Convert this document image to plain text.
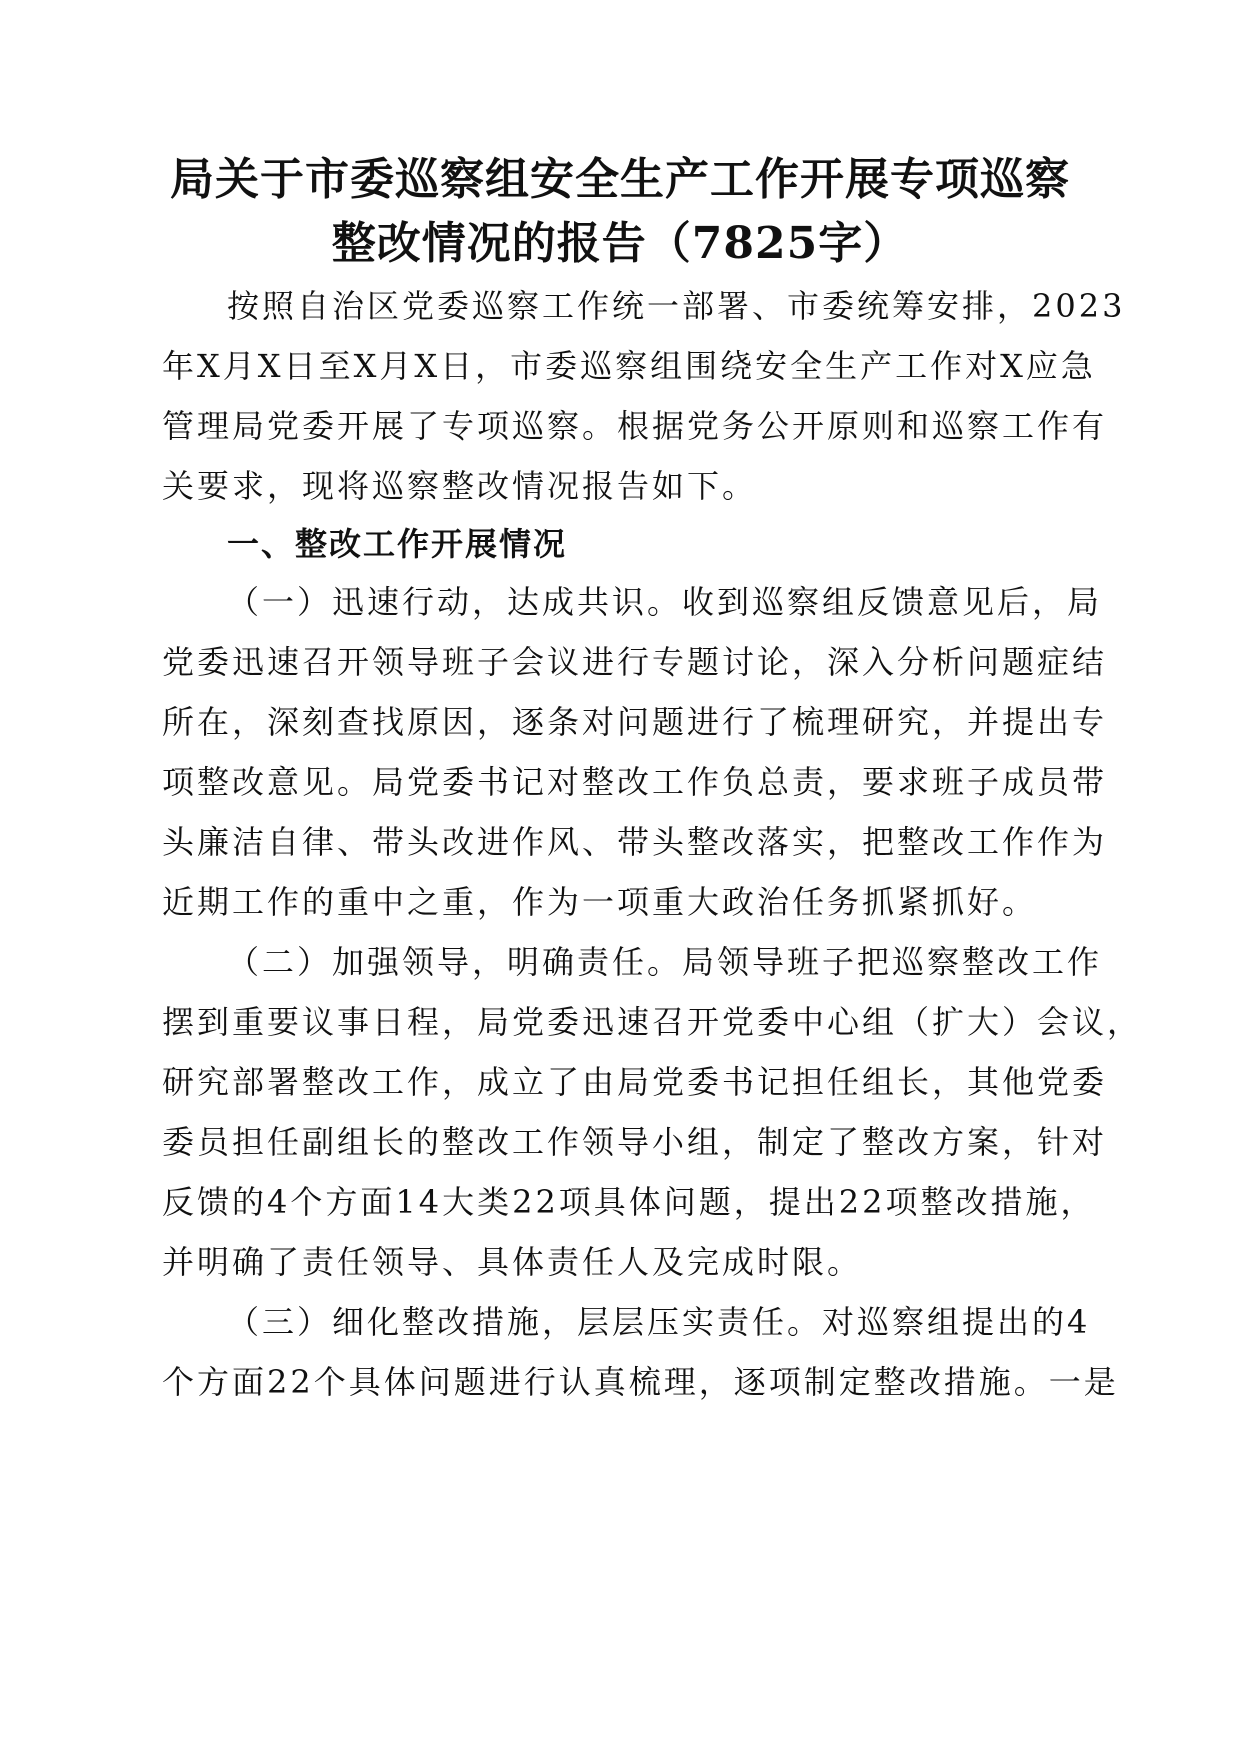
局关于市委巡察组安全生产工作开展专项巡察
整改情况的报告（7825字）
按照自治区党委巡察工作统一部署、市委统筹安排，2023
年X月X日至X月X日，市委巡察组围绕安全生产工作对X应急
管理局党委开展了专项巡察。根据党务公开原则和巡察工作有
关要求，现将巡察整改情况报告如下。
一、整改工作开展情况
（一）迅速行动，达成共识。收到巡察组反馈意见后，局
党委迅速召开领导班子会议进行专题讨论，深入分析问题症结
所在，深刻查找原因，逐条对问题进行了梳理研究，并提出专
项整改意见。局党委书记对整改工作负总责，要求班子成员带
头廉洁自律、带头改进作风、带头整改落实，把整改工作作为
近期工作的重中之重，作为一项重大政治任务抓紧抓好。
（二）加强领导，明确责任。局领导班子把巡察整改工作
摆到重要议事日程，局党委迅速召开党委中心组（扩大）会议，
研究部署整改工作，成立了由局党委书记担任组长，其他党委
委员担任副组长的整改工作领导小组，制定了整改方案，针对
反馈的4个方面14大类22项具体问题，提出22项整改措施，
并明确了责任领导、具体责任人及完成时限。
（三）细化整改措施，层层压实责任。对巡察组提出的4
个方面22个具体问题进行认真梳理，逐项制定整改措施。一是
